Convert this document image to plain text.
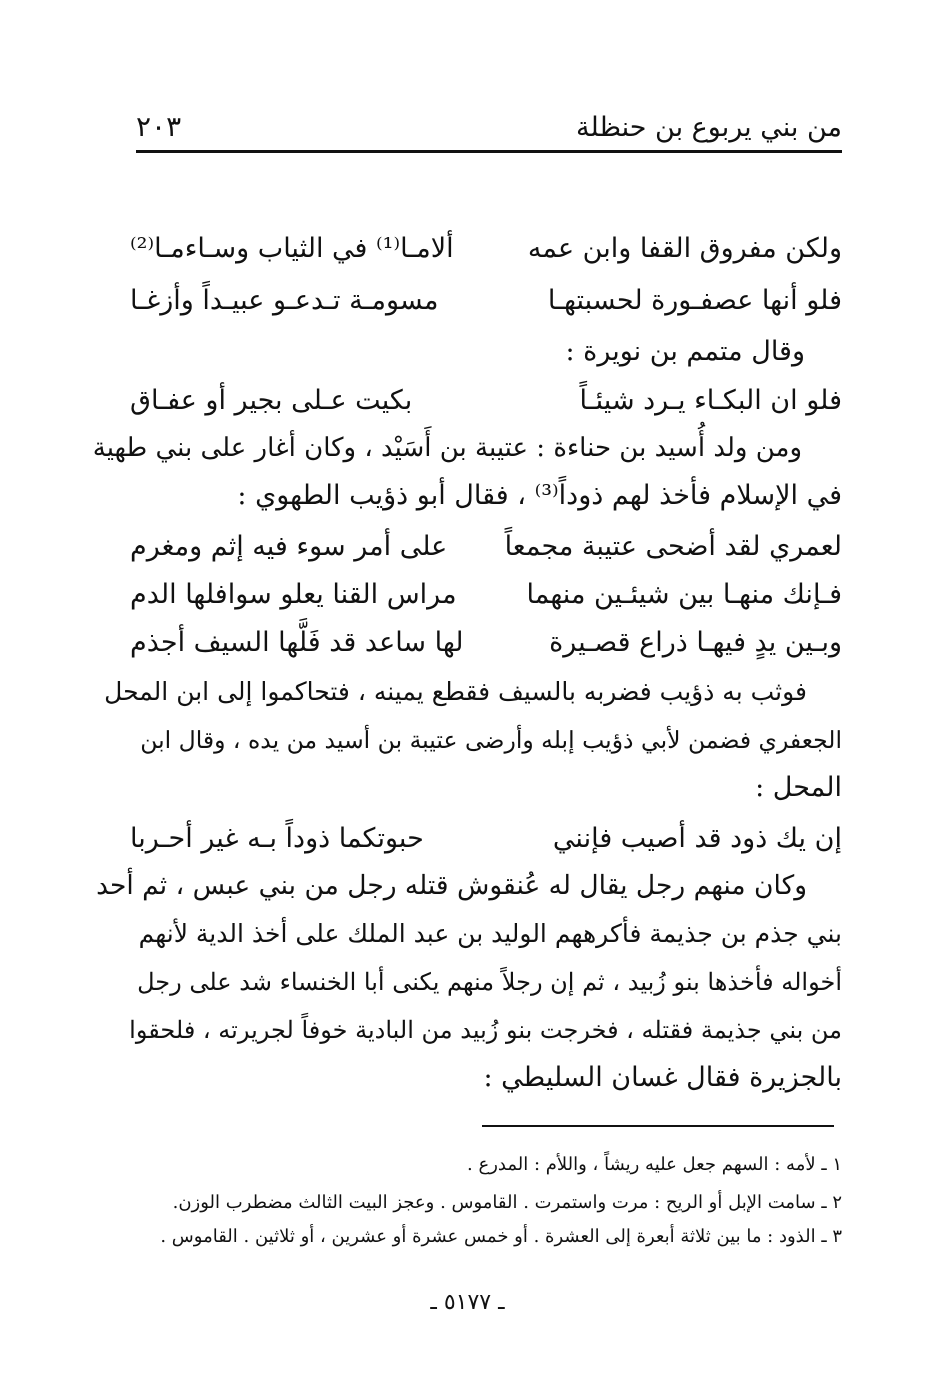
من بني يربوع بن حنظلة
٢٠٣
ولكن مفروق القفا وابن عمه
ألامـا⁽¹⁾ في الثياب وسـاءمـا⁽²⁾
فلو أنها عصفـورة لحسبتهـا
مسومـة تـدعـو عبيـداً وأزغـا
وقال متمم بن نويرة :
فلو ان البكـاء يـرد شيئـاً
بكيت عـلى بجير أو عفـاق
ومن ولد أُسيد بن حناءة : عتيبة بن أَسَيْد ، وكان أغار على بني طهية
في الإسلام فأخذ لهم ذوداً⁽³⁾ ، فقال أبو ذؤيب الطهوي :
لعمري لقد أضحى عتيبة مجمعاً
على أمر سوء فيه إثم ومغرم
فـإنك منهـا بين شيئـين منهما
مراس القنا يعلو سوافلها الدم
وبـين يدٍ فيهـا ذراع قصـيرة
لها ساعد قد فَلَّها السيف أجذم
فوثب به ذؤيب فضربه بالسيف فقطع يمينه ، فتحاكموا إلى ابن المحل
الجعفري فضمن لأبي ذؤيب إبله وأرضى عتيبة بن أسيد من يده ، وقال ابن
المحل :
إن يك ذود قد أصيب فإنني
حبوتكما ذوداً بـه غير أحـربا
وكان منهم رجل يقال له عُنقوش قتله رجل من بني عبس ، ثم أحد
بني جذم بن جذيمة فأكرههم الوليد بن عبد الملك على أخذ الدية لأنهم
أخواله فأخذها بنو زُبيد ، ثم إن رجلاً منهم يكنى أبا الخنساء شد على رجل
من بني جذيمة فقتله ، فخرجت بنو زُبيد من البادية خوفاً لجريرته ، فلحقوا
بالجزيرة فقال غسان السليطي :
١ ـ لأمه : السهم جعل عليه ريشاً ، واللأم : المدرع .
٢ ـ سامت الإبل أو الريح : مرت واستمرت . القاموس . وعجز البيت الثالث مضطرب الوزن.
٣ ـ الذود : ما بين ثلاثة أبعرة إلى العشرة . أو خمس عشرة أو عشرين ، أو ثلاثين . القاموس .
ـ ٥١٧٧ ـ
